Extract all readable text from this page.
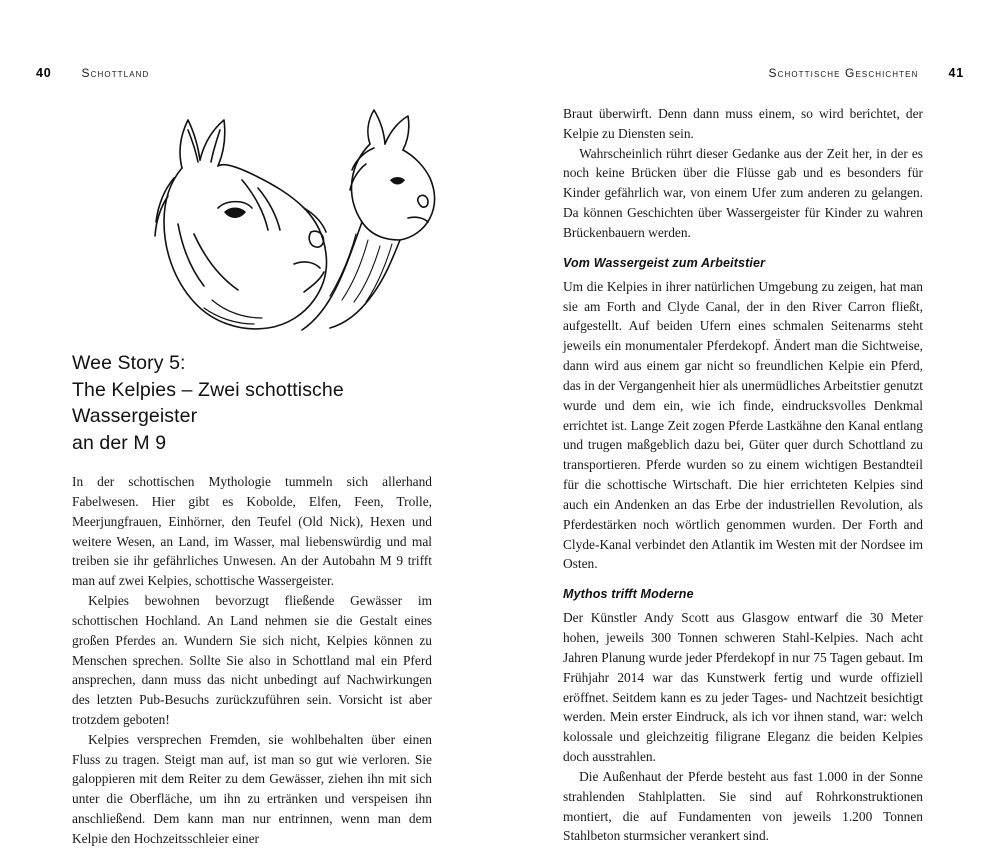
40	Schottland	Schottische Geschichten 41
Wee Story 5:
The Kelpies – Zwei schottische Wassergeister
an der M 9

In der schottischen Mythologie tummeln sich allerhand Fabelwesen. Hier gibt es Kobolde, Elfen, Feen, Trolle, Meerjungfrauen, Einhörner, den Teufel (Old Nick), Hexen und weitere Wesen, an Land, im Wasser, mal liebenswürdig und mal treiben sie ihr gefährliches Unwesen. An der Autobahn M 9 trifft man auf zwei Kelpies, schottische Wassergeister.

Kelpies bewohnen bevorzugt fließende Gewässer im schottischen Hochland. An Land nehmen sie die Gestalt eines großen Pferdes an. Wundern Sie sich nicht, Kelpies können zu Menschen sprechen. Sollte Sie also in Schottland mal ein Pferd ansprechen, dann muss das nicht unbedingt auf Nachwirkungen des letzten Pub-Besuchs zurückzuführen sein. Vorsicht ist aber trotzdem geboten!

Kelpies versprechen Fremden, sie wohlbehalten über einen Fluss zu tragen. Steigt man auf, ist man so gut wie verloren. Sie galoppieren mit dem Reiter zu dem Gewässer, ziehen ihn mit sich unter die Oberfläche, um ihn zu ertränken und verspeisen ihn anschließend. Dem kann man nur entrinnen, wenn man dem Kelpie den Hochzeitsschleier einer

Braut überwirft. Denn dann muss einem, so wird berichtet, der Kelpie zu Diensten sein.

Wahrscheinlich rührt dieser Gedanke aus der Zeit her, in der es noch keine Brücken über die Flüsse gab und es besonders für Kinder gefährlich war, von einem Ufer zum anderen zu gelangen. Da können Geschichten über Wassergeister für Kinder zu wahren Brückenbauern werden.

Vom Wassergeist zum Arbeitstier

Um die Kelpies in ihrer natürlichen Umgebung zu zeigen, hat man sie am Forth and Clyde Canal, der in den River Carron fließt, aufgestellt. Auf beiden Ufern eines schmalen Seitenarms steht jeweils ein monumentaler Pferdekopf. Ändert man die Sichtweise, dann wird aus einem gar nicht so freundlichen Kelpie ein Pferd, das in der Vergangenheit hier als unermüdliches Arbeitstier genutzt wurde und dem ein, wie ich finde, eindrucksvolles Denkmal errichtet ist. Lange Zeit zogen Pferde Lastkähne den Kanal entlang und trugen maßgeblich dazu bei, Güter quer durch Schottland zu transportieren. Pferde wurden so zu einem wichtigen Bestandteil für die schottische Wirtschaft. Die hier errichteten Kelpies sind auch ein Andenken an das Erbe der industriellen Revolution, als Pferdestärken noch wörtlich genommen wurden. Der Forth and Clyde-Kanal verbindet den Atlantik im Westen mit der Nordsee im Osten.

Mythos trifft Moderne

Der Künstler Andy Scott aus Glasgow entwarf die 30 Meter hohen, jeweils 300 Tonnen schweren Stahl-Kelpies. Nach acht Jahren Planung wurde jeder Pferdekopf in nur 75 Tagen gebaut. Im Frühjahr 2014 war das Kunstwerk fertig und wurde offiziell eröffnet. Seitdem kann es zu jeder Tages- und Nachtzeit besichtigt werden. Mein erster Eindruck, als ich vor ihnen stand, war: welch kolossale und gleichzeitig filigrane Eleganz die beiden Kelpies doch ausstrahlen.

Die Außenhaut der Pferde besteht aus fast 1.000 in der Sonne strahlenden Stahlplatten. Sie sind auf Rohrkonstruktionen montiert, die auf Fundamenten von jeweils 1.200 Tonnen Stahlbeton sturmsicher verankert sind.
